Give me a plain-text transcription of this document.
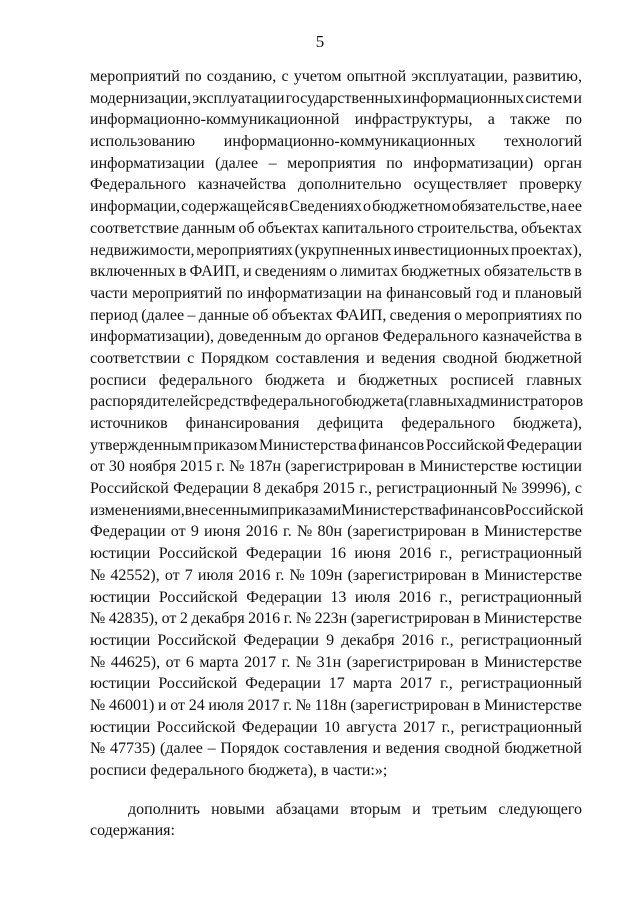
5
мероприятий по созданию, с учетом опытной эксплуатации, развитию,
модернизации, эксплуатации государственных информационных систем и
информационно-коммуникационной инфраструктуры, а также по
использованию информационно-коммуникационных технологий
информатизации (далее – мероприятия по информатизации) орган
Федерального казначейства дополнительно осуществляет проверку
информации, содержащейся в Сведениях о бюджетном обязательстве, на ее
соответствие данным об объектах капитального строительства, объектах
недвижимости, мероприятиях (укрупненных инвестиционных проектах),
включенных в ФАИП, и сведениям о лимитах бюджетных обязательств в
части мероприятий по информатизации на финансовый год и плановый
период (далее – данные об объектах ФАИП, сведения о мероприятиях по
информатизации), доведенным до органов Федерального казначейства в
соответствии с Порядком составления и ведения сводной бюджетной
росписи федерального бюджета и бюджетных росписей главных
распорядителей средств федерального бюджета (главных администраторов
источников финансирования дефицита федерального бюджета),
утвержденным приказом Министерства финансов Российской Федерации
от 30 ноября 2015 г. № 187н (зарегистрирован в Министерстве юстиции
Российской Федерации 8 декабря 2015 г., регистрационный № 39996), с
изменениями, внесенными приказами Министерства финансов Российской
Федерации от 9 июня 2016 г. № 80н (зарегистрирован в Министерстве
юстиции Российской Федерации 16 июня 2016 г., регистрационный
№ 42552), от 7 июля 2016 г. № 109н (зарегистрирован в Министерстве
юстиции Российской Федерации 13 июля 2016 г., регистрационный
№ 42835), от 2 декабря 2016 г. № 223н (зарегистрирован в Министерстве
юстиции Российской Федерации 9 декабря 2016 г., регистрационный
№ 44625), от 6 марта 2017 г. № 31н (зарегистрирован в Министерстве
юстиции Российской Федерации 17 марта 2017 г., регистрационный
№ 46001) и от 24 июля 2017 г. № 118н (зарегистрирован в Министерстве
юстиции Российской Федерации 10 августа 2017 г., регистрационный
№ 47735) (далее – Порядок составления и ведения сводной бюджетной
росписи федерального бюджета), в части:»;
дополнить новыми абзацами вторым и третьим следующего
содержания:
